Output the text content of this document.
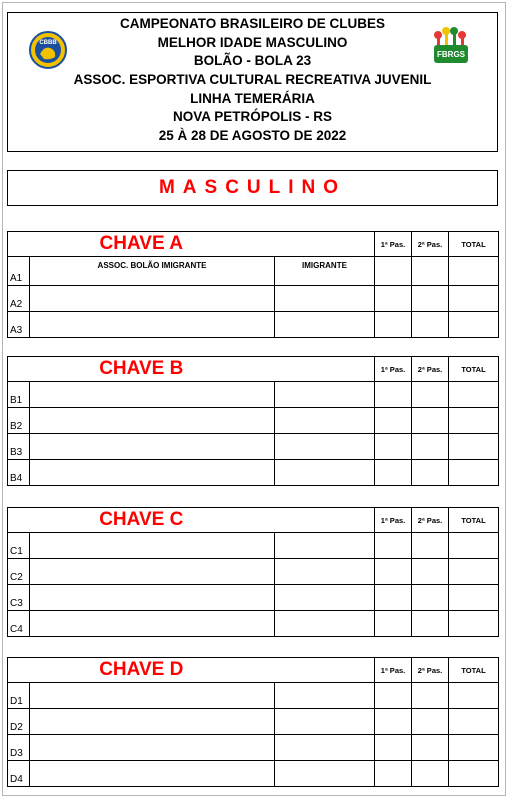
CAMPEONATO BRASILEIRO DE CLUBES
MELHOR IDADE MASCULINO
BOLÃO - BOLA 23
ASSOC. ESPORTIVA CULTURAL RECREATIVA JUVENIL
LINHA TEMERÁRIA
NOVA PETRÓPOLIS - RS
25 À 28 DE AGOSTO DE 2022
CBBB
FBRGS
MASCULINO
CHAVE A			1ª Pas.	2ª Pas.	TOTAL
A1	ASSOC. BOLÃO IMIGRANTE	IMIGRANTE			
A2					
A3					
CHAVE B			1ª Pas.	2ª Pas.	TOTAL
B1					
B2					
B3					
B4					
CHAVE C			1ª Pas.	2ª Pas.	TOTAL
C1					
C2					
C3					
C4					
CHAVE D			1ª Pas.	2ª Pas.	TOTAL
D1					
D2					
D3					
D4					
